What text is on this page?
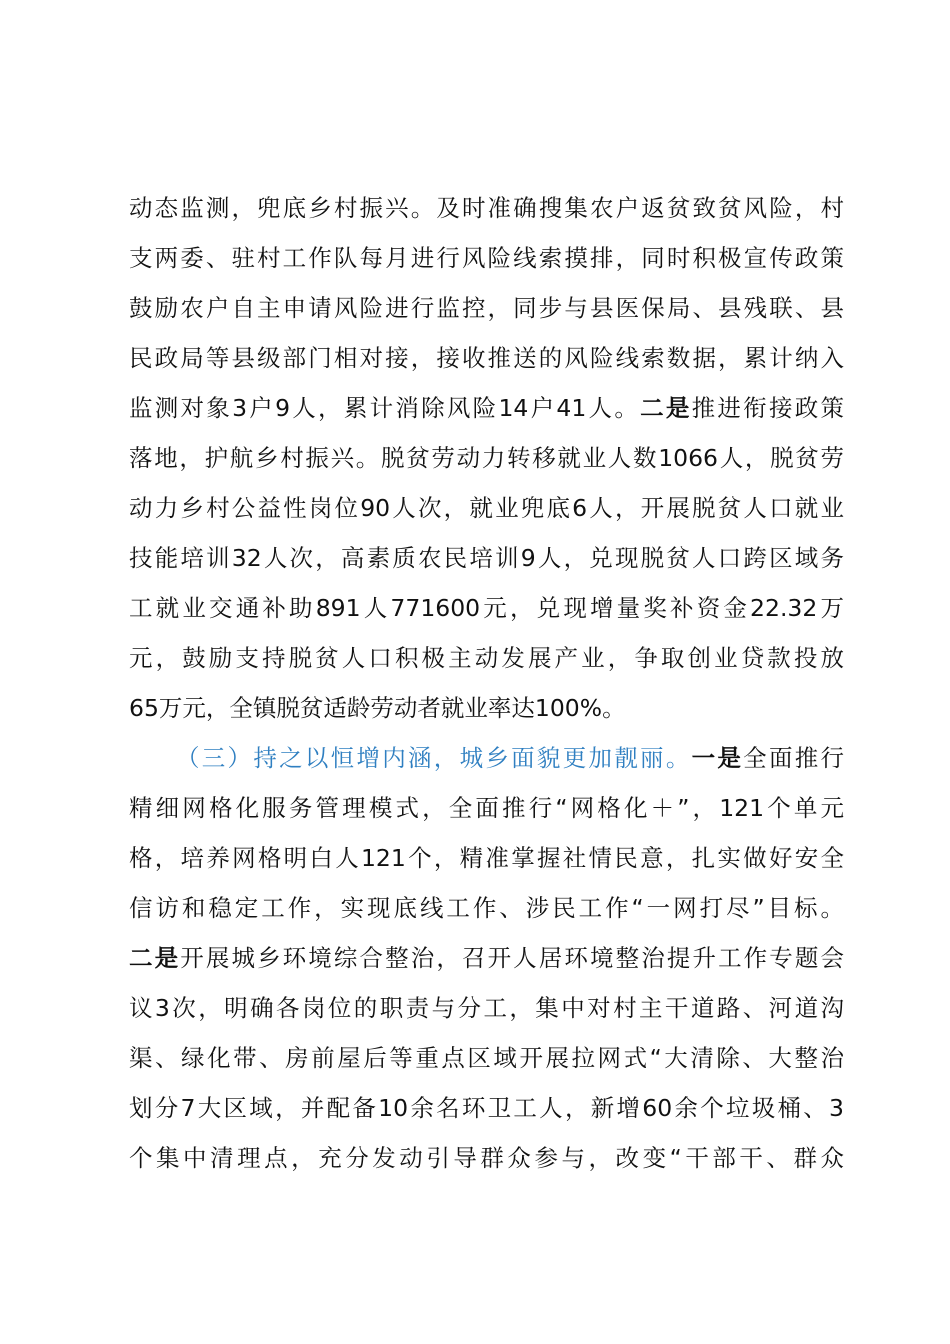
动态监测，兜底乡村振兴。及时准确搜集农户返贫致贫风险，村
支两委、驻村工作队每月进行风险线索摸排，同时积极宣传政策
鼓励农户自主申请风险进行监控，同步与县医保局、县残联、县
民政局等县级部门相对接，接收推送的风险线索数据，累计纳入
监测对象3户9人，累计消除风险14户41人。二是推进衔接政策
落地，护航乡村振兴。脱贫劳动力转移就业人数1066人，脱贫劳
动力乡村公益性岗位90人次，就业兜底6人，开展脱贫人口就业
技能培训32人次，高素质农民培训9人，兑现脱贫人口跨区域务
工就业交通补助891人771600元，兑现增量奖补资金22.32万
元，鼓励支持脱贫人口积极主动发展产业，争取创业贷款投放
65万元，全镇脱贫适龄劳动者就业率达100%。
（三）持之以恒增内涵，城乡面貌更加靓丽。一是全面推行
精细网格化服务管理模式，全面推行“网格化＋”，121个单元
格，培养网格明白人121个，精准掌握社情民意，扎实做好安全
信访和稳定工作，实现底线工作、涉民工作“一网打尽”目标。
二是开展城乡环境综合整治，召开人居环境整治提升工作专题会
议3次，明确各岗位的职责与分工，集中对村主干道路、河道沟
渠、绿化带、房前屋后等重点区域开展拉网式“大清除、大整治
划分7大区域，并配备10余名环卫工人，新增60余个垃圾桶、3
个集中清理点，充分发动引导群众参与，改变“干部干、群众
